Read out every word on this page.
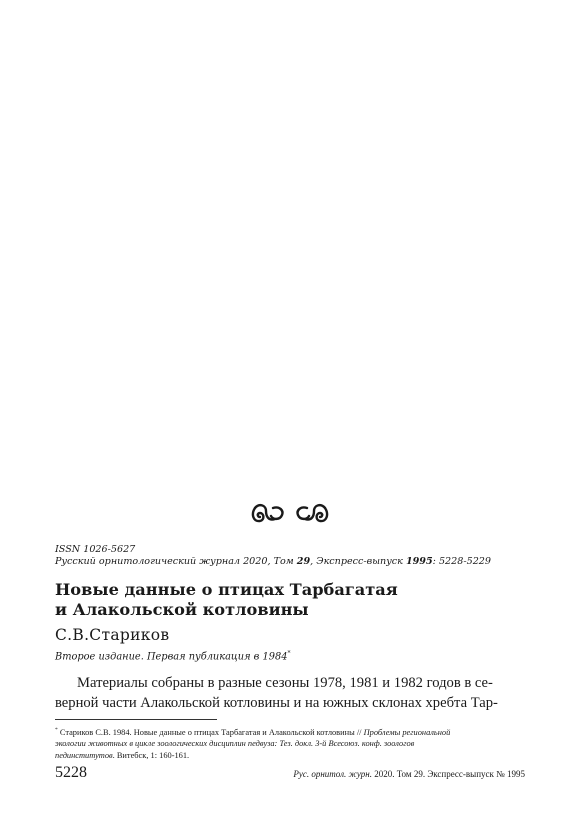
ISSN 1026-5627
Русский орнитологический журнал 2020, Том 29, Экспресс-выпуск 1995: 5228-5229
Новые данные о птицах Тарбагатая
и Алакольской котловины
С.В.Стариков
Второе издание. Первая публикация в 1984*
Материалы собраны в разные сезоны 1978, 1981 и 1982 годов в се-
верной части Алакольской котловины и на южных склонах хребта Тар-
* Стариков С.В. 1984. Новые данные о птицах Тарбагатая и Алакольской котловины // Проблемы региональной
экологии животных в цикле зоологических дисциплин педвуза: Тез. докл. 3-й Всесоюз. конф. зоологов
пединститутов. Витебск, 1: 160-161.
5228	Рус. орнитол. журн. 2020. Том 29. Экспресс-выпуск № 1995
